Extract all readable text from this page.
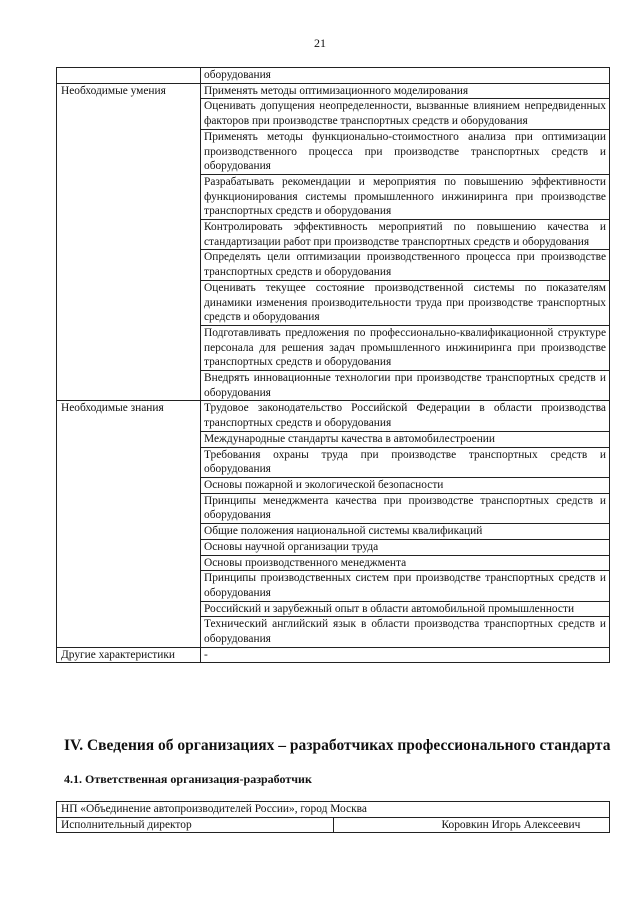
21
	оборудования
Необходимые умения	Применять методы оптимизационного моделирования
	Оценивать допущения неопределенности, вызванные влиянием непредвиденных факторов при производстве транспортных средств и оборудования
	Применять методы функционально-стоимостного анализа при оптимизации производственного процесса при производстве транспортных средств и оборудования
	Разрабатывать рекомендации и мероприятия по повышению эффективности функционирования системы промышленного инжиниринга при производстве транспортных средств и оборудования
	Контролировать эффективность мероприятий по повышению качества и стандартизации работ при производстве транспортных средств и оборудования
	Определять цели оптимизации производственного процесса при производстве транспортных средств и оборудования
	Оценивать текущее состояние производственной системы по показателям динамики изменения производительности труда при производстве транспортных средств и оборудования
	Подготавливать предложения по профессионально-квалификационной структуре персонала для решения задач промышленного инжиниринга при производстве транспортных средств и оборудования
	Внедрять инновационные технологии при производстве транспортных средств и оборудования
Необходимые знания	Трудовое законодательство Российской Федерации в области производства транспортных средств и оборудования
	Международные стандарты качества в автомобилестроении
	Требования охраны труда при производстве транспортных средств и оборудования
	Основы пожарной и экологической безопасности
	Принципы менеджмента качества при производстве транспортных средств и оборудования
	Общие положения национальной системы квалификаций
	Основы научной организации труда
	Основы производственного менеджмента
	Принципы производственных систем при производстве транспортных средств и оборудования
	Российский и зарубежный опыт в области автомобильной промышленности
	Технический английский язык в области производства транспортных средств и оборудования
Другие характеристики	-
IV. Сведения об организациях – разработчиках профессионального стандарта
4.1. Ответственная организация-разработчик
НП «Объединение автопроизводителей России», город Москва
Исполнительный директор	Коровкин Игорь Алексеевич
